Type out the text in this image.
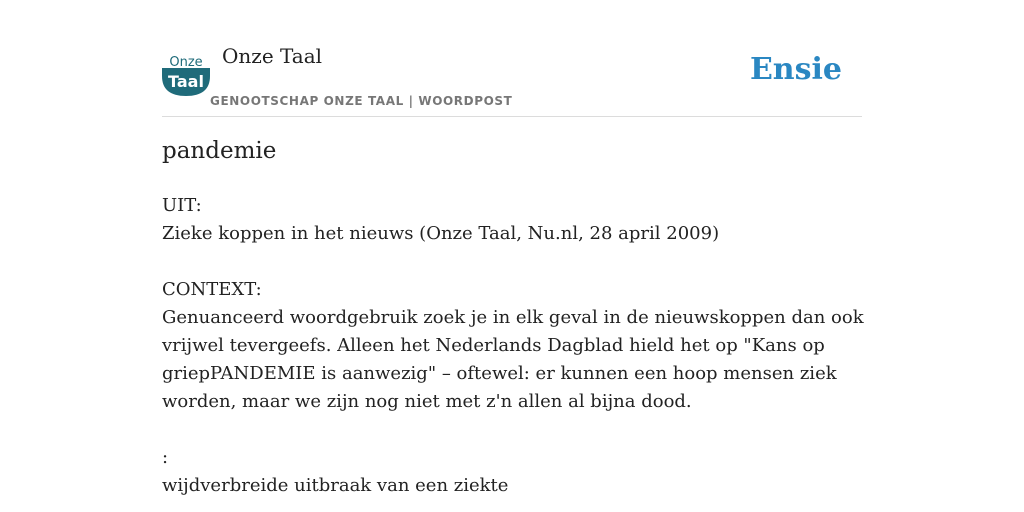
Onze
Taal
Onze Taal
GENOOTSCHAP ONZE TAAL | WOORDPOST
Ensie
pandemie
UIT:
Zieke koppen in het nieuws (Onze Taal, Nu.nl, 28 april 2009)
CONTEXT:
Genuanceerd woordgebruik zoek je in elk geval in de nieuwskoppen dan ook
vrijwel tevergeefs. Alleen het Nederlands Dagblad hield het op "Kans op
griepPANDEMIE is aanwezig" – oftewel: er kunnen een hoop mensen ziek
worden, maar we zijn nog niet met z'n allen al bijna dood.
:
wijdverbreide uitbraak van een ziekte
